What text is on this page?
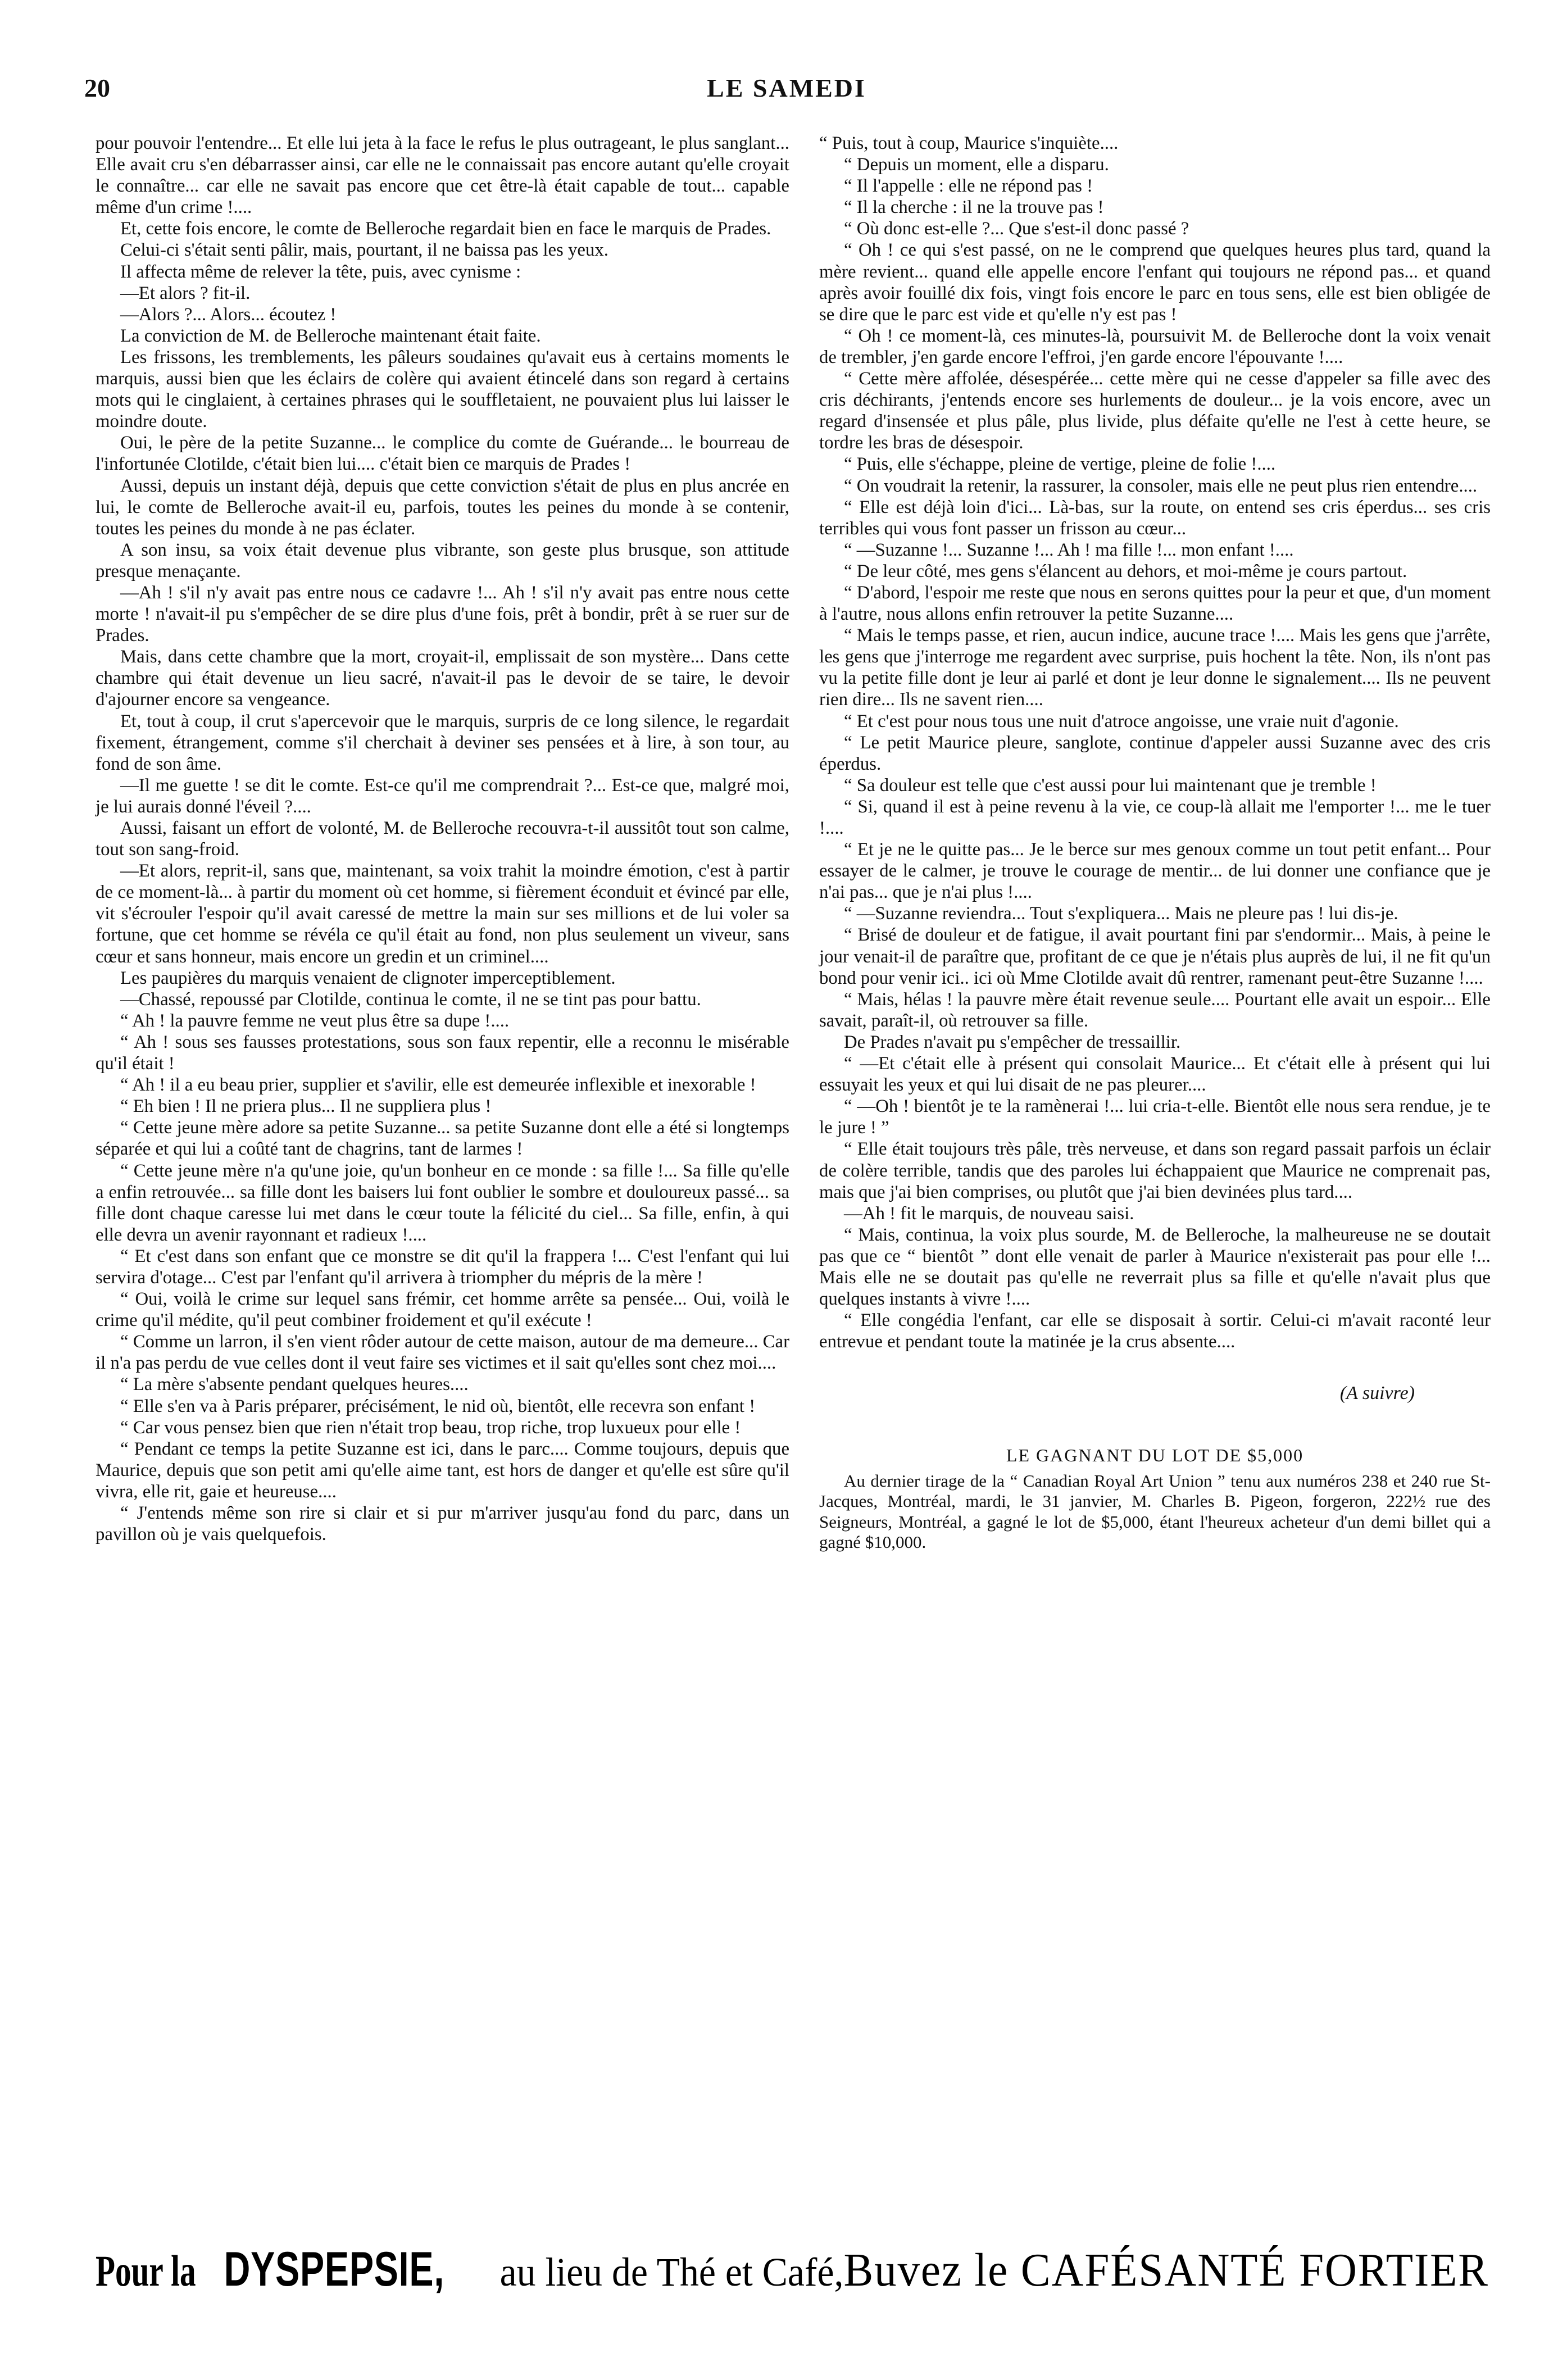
20	LE SAMEDI

pour pouvoir l'entendre... Et elle lui jeta à la face le refus le plus outrageant, le plus sanglant... Elle avait cru s'en débarrasser ainsi, car elle ne le connaissait pas encore autant qu'elle croyait le connaître... car elle ne savait pas encore que cet être-là était capable de tout... capable même d'un crime !....

Et, cette fois encore, le comte de Belleroche regardait bien en face le marquis de Prades.

Celui-ci s'était senti pâlir, mais, pourtant, il ne baissa pas les yeux.

Il affecta même de relever la tête, puis, avec cynisme :

—Et alors ? fit-il.

—Alors ?... Alors... écoutez !

La conviction de M. de Belleroche maintenant était faite.

Les frissons, les tremblements, les pâleurs soudaines qu'avait eus à certains moments le marquis, aussi bien que les éclairs de colère qui avaient étincelé dans son regard à certains mots qui le cinglaient, à certaines phrases qui le souffletaient, ne pouvaient plus lui laisser le moindre doute.

Oui, le père de la petite Suzanne... le complice du comte de Guérande... le bourreau de l'infortunée Clotilde, c'était bien lui.... c'était bien ce marquis de Prades !

Aussi, depuis un instant déjà, depuis que cette conviction s'était de plus en plus ancrée en lui, le comte de Belleroche avait-il eu, parfois, toutes les peines du monde à se contenir, toutes les peines du monde à ne pas éclater.

A son insu, sa voix était devenue plus vibrante, son geste plus brusque, son attitude presque menaçante.

—Ah ! s'il n'y avait pas entre nous ce cadavre !... Ah ! s'il n'y avait pas entre nous cette morte ! n'avait-il pu s'empêcher de se dire plus d'une fois, prêt à bondir, prêt à se ruer sur de Prades.

Mais, dans cette chambre que la mort, croyait-il, emplissait de son mystère... Dans cette chambre qui était devenue un lieu sacré, n'avait-il pas le devoir de se taire, le devoir d'ajourner encore sa vengeance.

Et, tout à coup, il crut s'apercevoir que le marquis, surpris de ce long silence, le regardait fixement, étrangement, comme s'il cherchait à deviner ses pensées et à lire, à son tour, au fond de son âme.

—Il me guette ! se dit le comte. Est-ce qu'il me comprendrait ?... Est-ce que, malgré moi, je lui aurais donné l'éveil ?....

Aussi, faisant un effort de volonté, M. de Belleroche recouvra-t-il aussitôt tout son calme, tout son sang-froid.

—Et alors, reprit-il, sans que, maintenant, sa voix trahit la moindre émotion, c'est à partir de ce moment-là... à partir du moment où cet homme, si fièrement éconduit et évincé par elle, vit s'écrouler l'espoir qu'il avait caressé de mettre la main sur ses millions et de lui voler sa fortune, que cet homme se révéla ce qu'il était au fond, non plus seulement un viveur, sans cœur et sans honneur, mais encore un gredin et un criminel....

Les paupières du marquis venaient de clignoter imperceptiblement.

—Chassé, repoussé par Clotilde, continua le comte, il ne se tint pas pour battu.

“ Ah ! la pauvre femme ne veut plus être sa dupe !....

“ Ah ! sous ses fausses protestations, sous son faux repentir, elle a reconnu le misérable qu'il était !

“ Ah ! il a eu beau prier, supplier et s'avilir, elle est demeurée inflexible et inexorable !

“ Eh bien ! Il ne priera plus... Il ne suppliera plus !

“ Cette jeune mère adore sa petite Suzanne... sa petite Suzanne dont elle a été si longtemps séparée et qui lui a coûté tant de chagrins, tant de larmes !

“ Cette jeune mère n'a qu'une joie, qu'un bonheur en ce monde : sa fille !... Sa fille qu'elle a enfin retrouvée... sa fille dont les baisers lui font oublier le sombre et douloureux passé... sa fille dont chaque caresse lui met dans le cœur toute la félicité du ciel... Sa fille, enfin, à qui elle devra un avenir rayonnant et radieux !....

“ Et c'est dans son enfant que ce monstre se dit qu'il la frappera !... C'est l'enfant qui lui servira d'otage... C'est par l'enfant qu'il arrivera à triompher du mépris de la mère !

“ Oui, voilà le crime sur lequel sans frémir, cet homme arrête sa pensée... Oui, voilà le crime qu'il médite, qu'il peut combiner froidement et qu'il exécute !

“ Comme un larron, il s'en vient rôder autour de cette maison, autour de ma demeure... Car il n'a pas perdu de vue celles dont il veut faire ses victimes et il sait qu'elles sont chez moi....

“ La mère s'absente pendant quelques heures....

“ Elle s'en va à Paris préparer, précisément, le nid où, bientôt, elle recevra son enfant !

“ Car vous pensez bien que rien n'était trop beau, trop riche, trop luxueux pour elle !

“ Pendant ce temps la petite Suzanne est ici, dans le parc.... Comme toujours, depuis que Maurice, depuis que son petit ami qu'elle aime tant, est hors de danger et qu'elle est sûre qu'il vivra, elle rit, gaie et heureuse....

“ J'entends même son rire si clair et si pur m'arriver jusqu'au fond du parc, dans un pavillon où je vais quelquefois.

“ Puis, tout à coup, Maurice s'inquiète....

“ Depuis un moment, elle a disparu.

“ Il l'appelle : elle ne répond pas !

“ Il la cherche : il ne la trouve pas !

“ Où donc est-elle ?... Que s'est-il donc passé ?

“ Oh ! ce qui s'est passé, on ne le comprend que quelques heures plus tard, quand la mère revient... quand elle appelle encore l'enfant qui toujours ne répond pas... et quand après avoir fouillé dix fois, vingt fois encore le parc en tous sens, elle est bien obligée de se dire que le parc est vide et qu'elle n'y est pas !

“ Oh ! ce moment-là, ces minutes-là, poursuivit M. de Belleroche dont la voix venait de trembler, j'en garde encore l'effroi, j'en garde encore l'épouvante !....

“ Cette mère affolée, désespérée... cette mère qui ne cesse d'appeler sa fille avec des cris déchirants, j'entends encore ses hurlements de douleur... je la vois encore, avec un regard d'insensée et plus pâle, plus livide, plus défaite qu'elle ne l'est à cette heure, se tordre les bras de désespoir.

“ Puis, elle s'échappe, pleine de vertige, pleine de folie !....

“ On voudrait la retenir, la rassurer, la consoler, mais elle ne peut plus rien entendre....

“ Elle est déjà loin d'ici... Là-bas, sur la route, on entend ses cris éperdus... ses cris terribles qui vous font passer un frisson au cœur...

“ —Suzanne !... Suzanne !... Ah ! ma fille !... mon enfant !....

“ De leur côté, mes gens s'élancent au dehors, et moi-même je cours partout.

“ D'abord, l'espoir me reste que nous en serons quittes pour la peur et que, d'un moment à l'autre, nous allons enfin retrouver la petite Suzanne....

“ Mais le temps passe, et rien, aucun indice, aucune trace !.... Mais les gens que j'arrête, les gens que j'interroge me regardent avec surprise, puis hochent la tête. Non, ils n'ont pas vu la petite fille dont je leur ai parlé et dont je leur donne le signalement.... Ils ne peuvent rien dire... Ils ne savent rien....

“ Et c'est pour nous tous une nuit d'atroce angoisse, une vraie nuit d'agonie.

“ Le petit Maurice pleure, sanglote, continue d'appeler aussi Suzanne avec des cris éperdus.

“ Sa douleur est telle que c'est aussi pour lui maintenant que je tremble !

“ Si, quand il est à peine revenu à la vie, ce coup-là allait me l'emporter !... me le tuer !....

“ Et je ne le quitte pas... Je le berce sur mes genoux comme un tout petit enfant... Pour essayer de le calmer, je trouve le courage de mentir... de lui donner une confiance que je n'ai pas... que je n'ai plus !....

“ —Suzanne reviendra... Tout s'expliquera... Mais ne pleure pas ! lui dis-je.

“ Brisé de douleur et de fatigue, il avait pourtant fini par s'endormir... Mais, à peine le jour venait-il de paraître que, profitant de ce que je n'étais plus auprès de lui, il ne fit qu'un bond pour venir ici.. ici où Mme Clotilde avait dû rentrer, ramenant peut-être Suzanne !....

“ Mais, hélas ! la pauvre mère était revenue seule.... Pourtant elle avait un espoir... Elle savait, paraît-il, où retrouver sa fille.

De Prades n'avait pu s'empêcher de tressaillir.

“ —Et c'était elle à présent qui consolait Maurice... Et c'était elle à présent qui lui essuyait les yeux et qui lui disait de ne pas pleurer....

“ —Oh ! bientôt je te la ramènerai !... lui cria-t-elle. Bientôt elle nous sera rendue, je te le jure ! ”

“ Elle était toujours très pâle, très nerveuse, et dans son regard passait parfois un éclair de colère terrible, tandis que des paroles lui échappaient que Maurice ne comprenait pas, mais que j'ai bien comprises, ou plutôt que j'ai bien devinées plus tard....

—Ah ! fit le marquis, de nouveau saisi.

“ Mais, continua, la voix plus sourde, M. de Belleroche, la malheureuse ne se doutait pas que ce “ bientôt ” dont elle venait de parler à Maurice n'existerait pas pour elle !... Mais elle ne se doutait pas qu'elle ne reverrait plus sa fille et qu'elle n'avait plus que quelques instants à vivre !....

“ Elle congédia l'enfant, car elle se disposait à sortir. Celui-ci m'avait raconté leur entrevue et pendant toute la matinée je la crus absente....

(A suivre)
LE GAGNANT DU LOT DE $5,000

Au dernier tirage de la “ Canadian Royal Art Union ” tenu aux numéros 238 et 240 rue St-Jacques, Montréal, mardi, le 31 janvier, M. Charles B. Pigeon, forgeron, 222½ rue des Seigneurs, Montréal, a gagné le lot de $5,000, étant l'heureux acheteur d'un demi billet qui a gagné $10,000.

Pour la DYSPEPSIE, au lieu de Thé et Café, Buvez le CAFÉSANTÉ FORTIER
